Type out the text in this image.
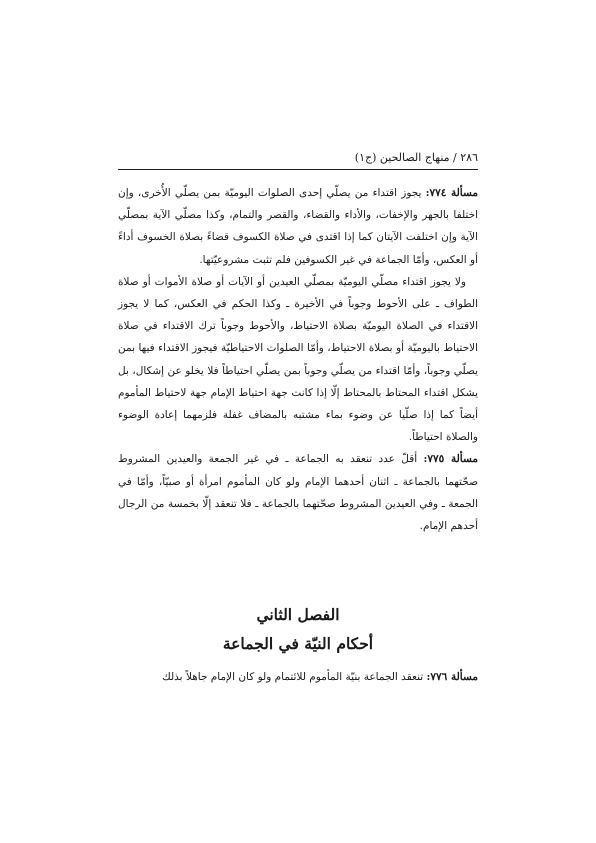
٢٨٦ / منهاج الصالحين (ج١)

مسألة ٧٧٤: يجوز اقتداء من يصلّي إحدى الصلوات اليوميّة بمن يصلّي الأُخرى، وإن اختلفا بالجهر والإخفات، والأداء والقضاء، والقصر والتمام، وكذا مصلّي الآية بمصلّي الآية وإن اختلفت الآيتان كما إذا اقتدى في صلاة الكسوف قضاءً بصلاة الخسوف أداءً أو العكس، وأمّا الجماعة في غير الكسوفين فلم تثبت مشروعيّتها.

ولا يجوز اقتداء مصلّي اليوميّة بمصلّي العيدين أو الآيات أو صلاة الأموات أو صلاة الطواف ـ على الأحوط وجوباً في الأخيرة ـ وكذا الحكم في العكس، كما لا يجوز الاقتداء في الصلاة اليوميّة بصلاة الاحتياط، والأحوط وجوباً ترك الاقتداء في صلاة الاحتياط باليوميّة أو بصلاة الاحتياط، وأمّا الصلوات الاحتياطيّة فيجوز الاقتداء فيها بمن يصلّي وجوباً، وأمّا اقتداء من يصلّي وجوباً بمن يصلّي احتياطاً فلا يخلو عن إشكال، بل يشكل اقتداء المحتاط بالمحتاط إلّا إذا كانت جهة احتياط الإمام جهة لاحتياط المأموم أيضاً كما إذا صلّيا عن وضوء بماء مشتبه بالمضاف غفلة فلزمهما إعادة الوضوء والصلاة احتياطاً.

مسألة ٧٧٥: أقلّ عدد تنعقد به الجماعة ـ في غير الجمعة والعيدين المشروط صحّتهما بالجماعة ـ اثنان أحدهما الإمام ولو كان المأموم امرأة أو صبيّاً، وأمّا في الجمعة ـ وفي العيدين المشروط صحّتهما بالجماعة ـ فلا تنعقد إلّا بخمسة من الرجال أحدهم الإمام.

الفصل الثاني
أحكام النيّة في الجماعة
مسألة ٧٧٦: تنعقد الجماعة بنيّة المأموم للائتمام ولو كان الإمام جاهلاً بذلك
